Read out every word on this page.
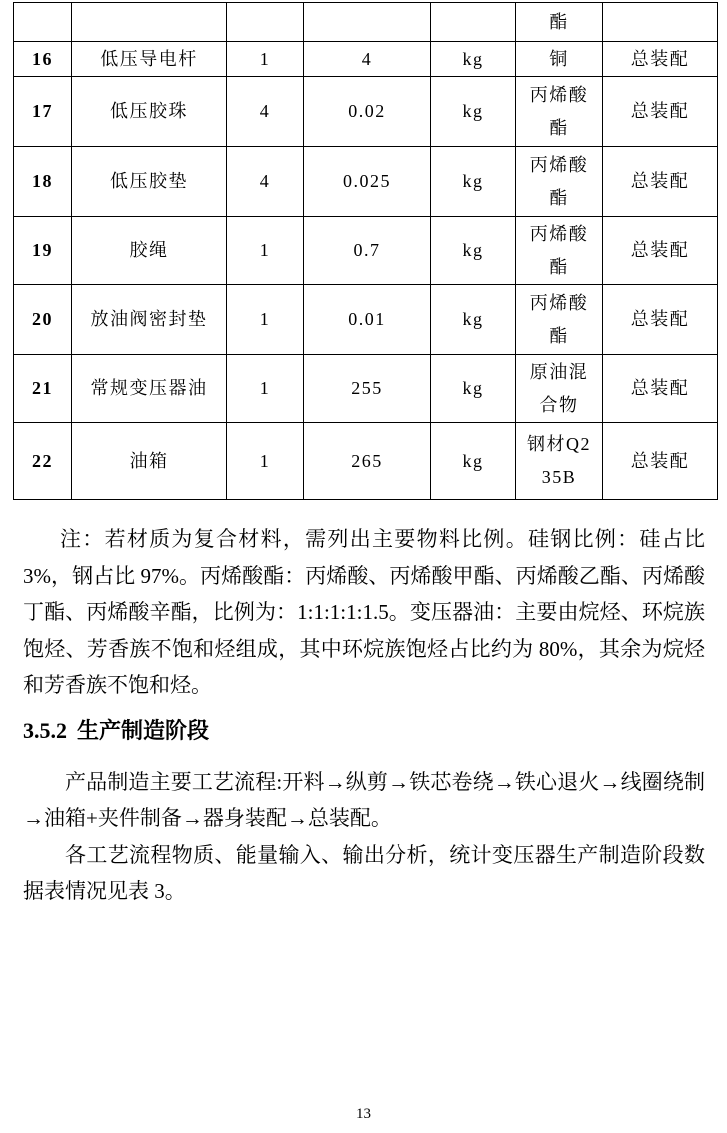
					酯	
16	低压导电杆	1	4	kg	铜	总装配
17	低压胶珠	4	0.02	kg	丙烯酸酯	总装配
18	低压胶垫	4	0.025	kg	丙烯酸酯	总装配
19	胶绳	1	0.7	kg	丙烯酸酯	总装配
20	放油阀密封垫	1	0.01	kg	丙烯酸酯	总装配
21	常规变压器油	1	255	kg	原油混合物	总装配
22	油箱	1	265	kg	钢材Q235B	总装配

注：若材质为复合材料，需列出主要物料比例。硅钢比例：硅占比 3%，钢占比 97%。丙烯酸酯：丙烯酸、丙烯酸甲酯、丙烯酸乙酯、丙烯酸丁酯、丙烯酸辛酯，比例为：1:1:1:1:1.5。变压器油：主要由烷烃、环烷族饱烃、芳香族不饱和烃组成，其中环烷族饱烃占比约为 80%，其余为烷烃和芳香族不饱和烃。

3.5.2 生产制造阶段

产品制造主要工艺流程:开料→纵剪→铁芯卷绕→铁心退火→线圈绕制→油箱+夹件制备→器身装配→总装配。

各工艺流程物质、能量输入、输出分析，统计变压器生产制造阶段数据表情况见表 3。

13
